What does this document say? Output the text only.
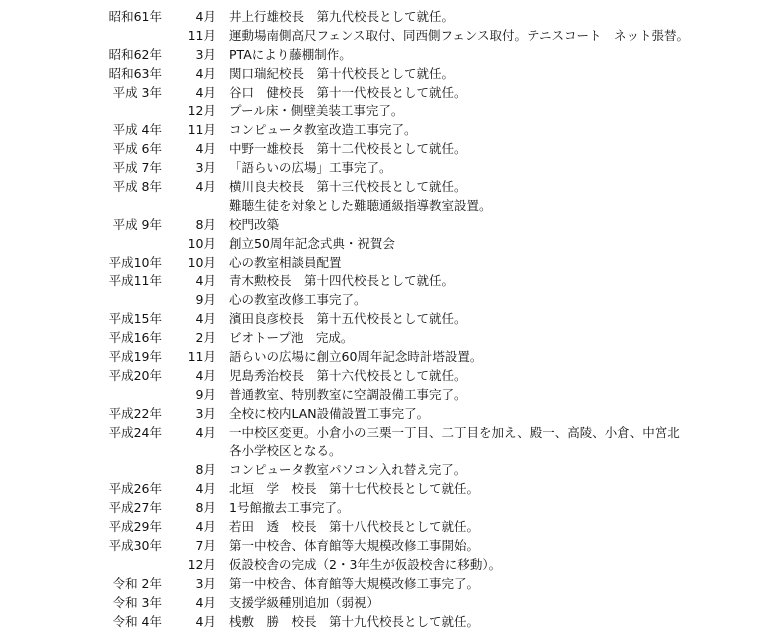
昭和61年	4月 井上行雄校長　第九代校長として就任。
11月 運動場南側高尺フェンス取付、同西側フェンス取付。テニスコート　ネット張替。
昭和62年	3月 PTAにより藤棚制作。
昭和63年	4月 関口瑞紀校長　第十代校長として就任。
平成 3年	4月 谷口　健校長　第十一代校長として就任。
12月 プール床・側壁美装工事完了。
平成 4年	11月 コンピュータ教室改造工事完了。
平成 6年	4月 中野一雄校長　第十二代校長として就任。
平成 7年	3月 「語らいの広場」工事完了。
平成 8年	4月 横川良夫校長　第十三代校長として就任。
難聴生徒を対象とした難聴通級指導教室設置。
平成 9年	8月 校門改築
10月 創立50周年記念式典・祝賀会
平成10年	10月 心の教室相談員配置
平成11年	4月 青木勲校長　第十四代校長として就任。
9月 心の教室改修工事完了。
平成15年	4月 濱田良彦校長　第十五代校長として就任。
平成16年	2月 ビオトープ池　完成。
平成19年	11月 語らいの広場に創立60周年記念時計塔設置。
平成20年	4月 児島秀治校長　第十六代校長として就任。
9月 普通教室、特別教室に空調設備工事完了。
平成22年	3月 全校に校内LAN設備設置工事完了。
平成24年	4月 一中校区変更。小倉小の三栗一丁目、二丁目を加え、殿一、高陵、小倉、中宮北
各小学校区となる。
8月 コンピュータ教室パソコン入れ替え完了。
平成26年	4月 北垣　学　校長　第十七代校長として就任。
平成27年	8月 1号館撤去工事完了。
平成29年	4月 若田　透　校長　第十八代校長として就任。
平成30年	7月 第一中校舎、体育館等大規模改修工事開始。
12月 仮設校舎の完成（2・3年生が仮設校舎に移動）。
令和 2年	3月 第一中校舎、体育館等大規模改修工事完了。
令和 3年	4月 支援学級種別追加（弱視）
令和 4年	4月 桟敷　勝　校長　第十九代校長として就任。
